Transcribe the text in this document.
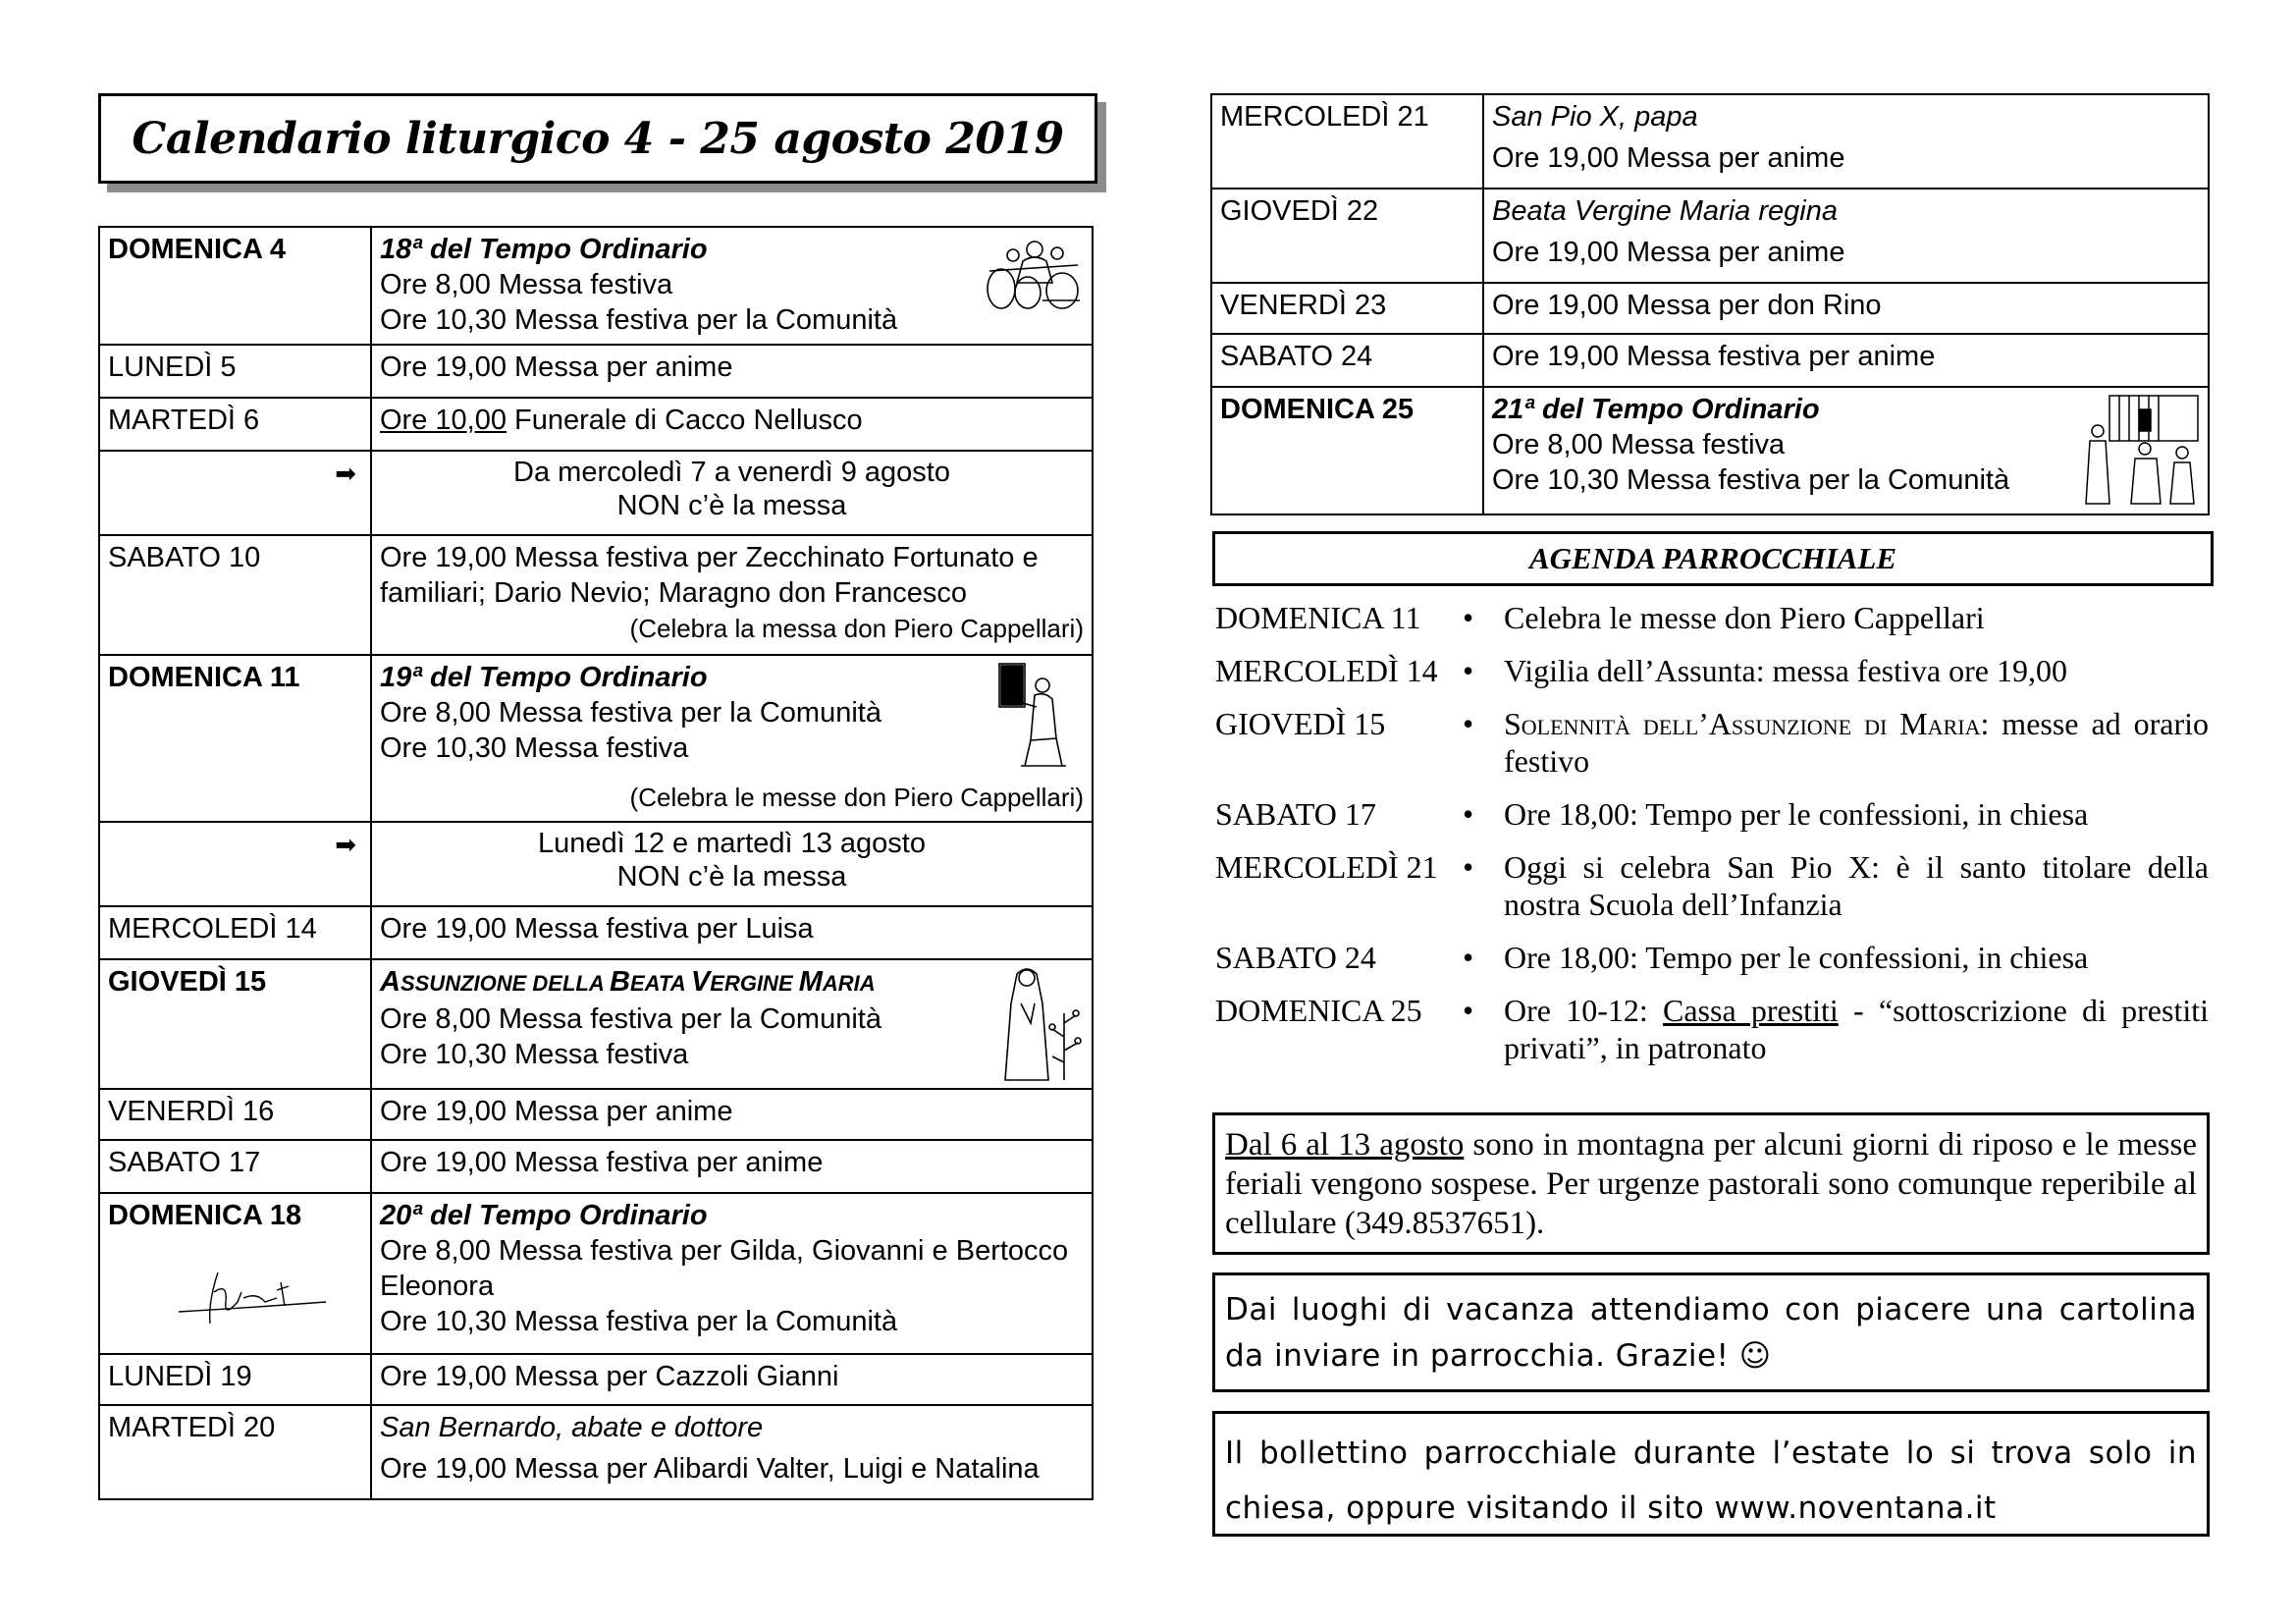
Calendario liturgico 4 - 25 agosto 2019
DOMENICA 4	18ª del Tempo Ordinario
Ore 8,00 Messa festiva
Ore 10,30 Messa festiva per la Comunità

LUNEDÌ 5	Ore 19,00 Messa per anime

MARTEDÌ 6	Ore 10,00 Funerale di Cacco Nellusco
➡	Da mercoledì 7 a venerdì 9 agosto
NON c’è la messa

SABATO 10	Ore 19,00 Messa festiva per Zecchinato Fortunato e
familiari; Dario Nevio; Maragno don Francesco
(Celebra la messa don Piero Cappellari)

DOMENICA 11	19ª del Tempo Ordinario
Ore 8,00 Messa festiva per la Comunità
Ore 10,30 Messa festiva
(Celebra le messe don Piero Cappellari)

➡	Lunedì 12 e martedì 13 agosto
NON c’è la messa

MERCOLEDÌ 14	Ore 19,00 Messa festiva per Luisa

GIOVEDÌ 15	ASSUNZIONE DELLA BEATA VERGINE MARIA
Ore 8,00 Messa festiva per la Comunità
Ore 10,30 Messa festiva

VENERDÌ 16	Ore 19,00 Messa per anime

SABATO 17	Ore 19,00 Messa festiva per anime

DOMENICA 18	20ª del Tempo Ordinario
Ore 8,00 Messa festiva per Gilda, Giovanni e Bertocco
Eleonora
Ore 10,30 Messa festiva per la Comunità

LUNEDÌ 19	Ore 19,00 Messa per Cazzoli Gianni

MARTEDÌ 20	San Bernardo, abate e dottore
Ore 19,00 Messa per Alibardi Valter, Luigi e Natalina
MERCOLEDÌ 21	San Pio X, papa
Ore 19,00 Messa per anime

GIOVEDÌ 22	Beata Vergine Maria regina
Ore 19,00 Messa per anime

VENERDÌ 23	Ore 19,00 Messa per don Rino

SABATO 24	Ore 19,00 Messa festiva per anime

DOMENICA 25	21ª del Tempo Ordinario
Ore 8,00 Messa festiva
Ore 10,30 Messa festiva per la Comunità
AGENDA PARROCCHIALE
DOMENICA 11	• Celebra le messe don Piero Cappellari
MERCOLEDÌ 14 • Vigilia dell’Assunta: messa festiva ore 19,00
GIOVEDÌ 15	• Solennità dell’Assunzione di Maria: messe ad orario festivo
SABATO 17	• Ore 18,00: Tempo per le confessioni, in chiesa
MERCOLEDÌ 21 • Oggi si celebra San Pio X: è il santo titolare della nostra Scuola dell’Infanzia
SABATO 24	• Ore 18,00: Tempo per le confessioni, in chiesa
DOMENICA 25	• Ore 10-12: Cassa prestiti - “sottoscrizione di prestiti privati”, in patronato
Dal 6 al 13 agosto sono in montagna per alcuni giorni di riposo e le messe feriali vengono sospese. Per urgenze pastorali sono comunque reperibile al cellulare (349.8537651).
Dai luoghi di vacanza attendiamo con piacere una cartolina da inviare in parrocchia. Grazie! ☺
Il bollettino parrocchiale durante l’estate lo si trova solo in chiesa, oppure visitando il sito www.noventana.it
